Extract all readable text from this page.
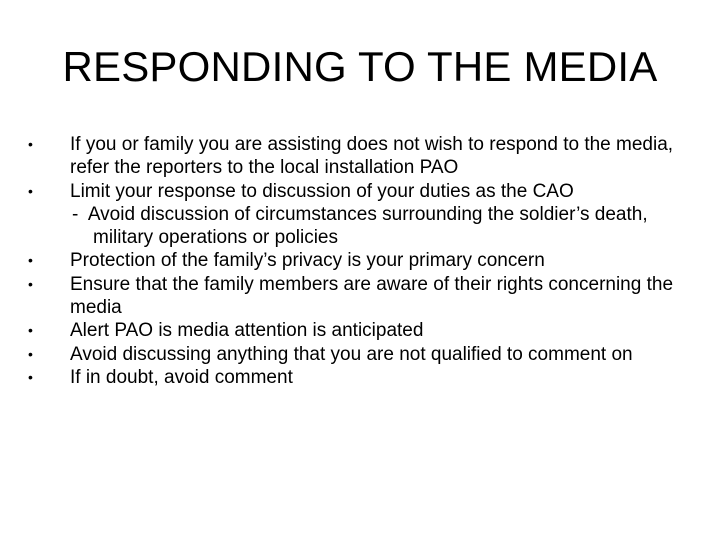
RESPONDING TO THE MEDIA
• If you or family you are assisting does not wish to respond to the media, refer the reporters to the local installation PAO
• Limit your response to discussion of your duties as the CAO
- Avoid discussion of circumstances surrounding the soldier’s death,
military operations or policies
• Protection of the family’s privacy is your primary concern
• Ensure that the family members are aware of their rights concerning the media
• Alert PAO is media attention is anticipated
• Avoid discussing anything that you are not qualified to comment on
• If in doubt, avoid comment
